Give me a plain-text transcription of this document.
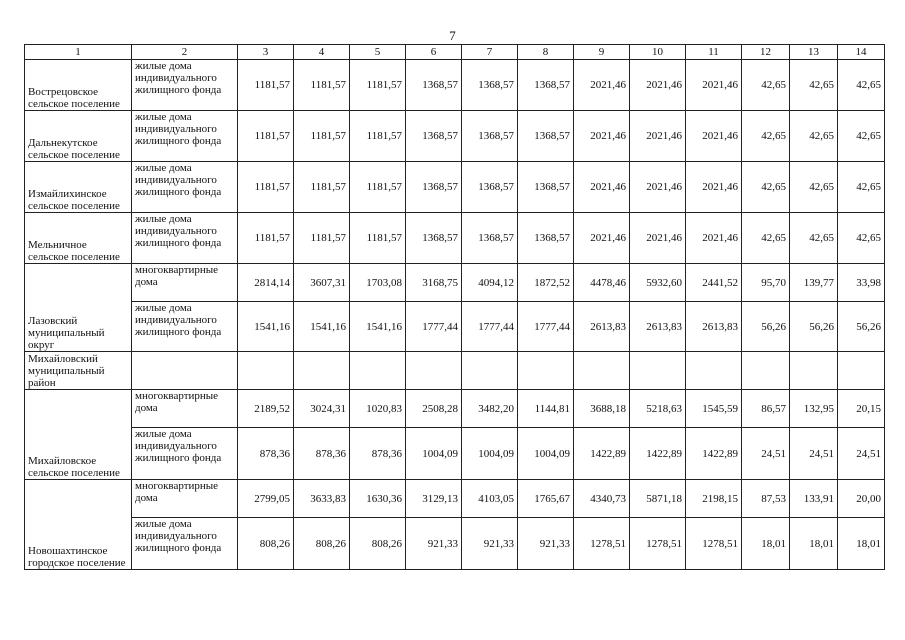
7
1	2	3	4	5	6	7	8	9	10	11	12	13	14
Вострецовское сельское поселение	жилые дома индивидуального жилищного фонда	1181,57	1181,57	1181,57	1368,57	1368,57	1368,57	2021,46	2021,46	2021,46	42,65	42,65	42,65
Дальнекутское сельское поселение	жилые дома индивидуального жилищного фонда	1181,57	1181,57	1181,57	1368,57	1368,57	1368,57	2021,46	2021,46	2021,46	42,65	42,65	42,65
Измайлихинское сельское поселение	жилые дома индивидуального жилищного фонда	1181,57	1181,57	1181,57	1368,57	1368,57	1368,57	2021,46	2021,46	2021,46	42,65	42,65	42,65
Мельничное сельское поселение	жилые дома индивидуального жилищного фонда	1181,57	1181,57	1181,57	1368,57	1368,57	1368,57	2021,46	2021,46	2021,46	42,65	42,65	42,65
Лазовский муниципальный округ	многоквартирные дома	2814,14	3607,31	1703,08	3168,75	4094,12	1872,52	4478,46	5932,60	2441,52	95,70	139,77	33,98
	жилые дома индивидуального жилищного фонда	1541,16	1541,16	1541,16	1777,44	1777,44	1777,44	2613,83	2613,83	2613,83	56,26	56,26	56,26
Михайловский муниципальный район													
Михайловское сельское поселение	многоквартирные дома	2189,52	3024,31	1020,83	2508,28	3482,20	1144,81	3688,18	5218,63	1545,59	86,57	132,95	20,15
	жилые дома индивидуального жилищного фонда	878,36	878,36	878,36	1004,09	1004,09	1004,09	1422,89	1422,89	1422,89	24,51	24,51	24,51
Новошахтинское городское поселение	многоквартирные дома	2799,05	3633,83	1630,36	3129,13	4103,05	1765,67	4340,73	5871,18	2198,15	87,53	133,91	20,00
	жилые дома индивидуального жилищного фонда	808,26	808,26	808,26	921,33	921,33	921,33	1278,51	1278,51	1278,51	18,01	18,01	18,01
